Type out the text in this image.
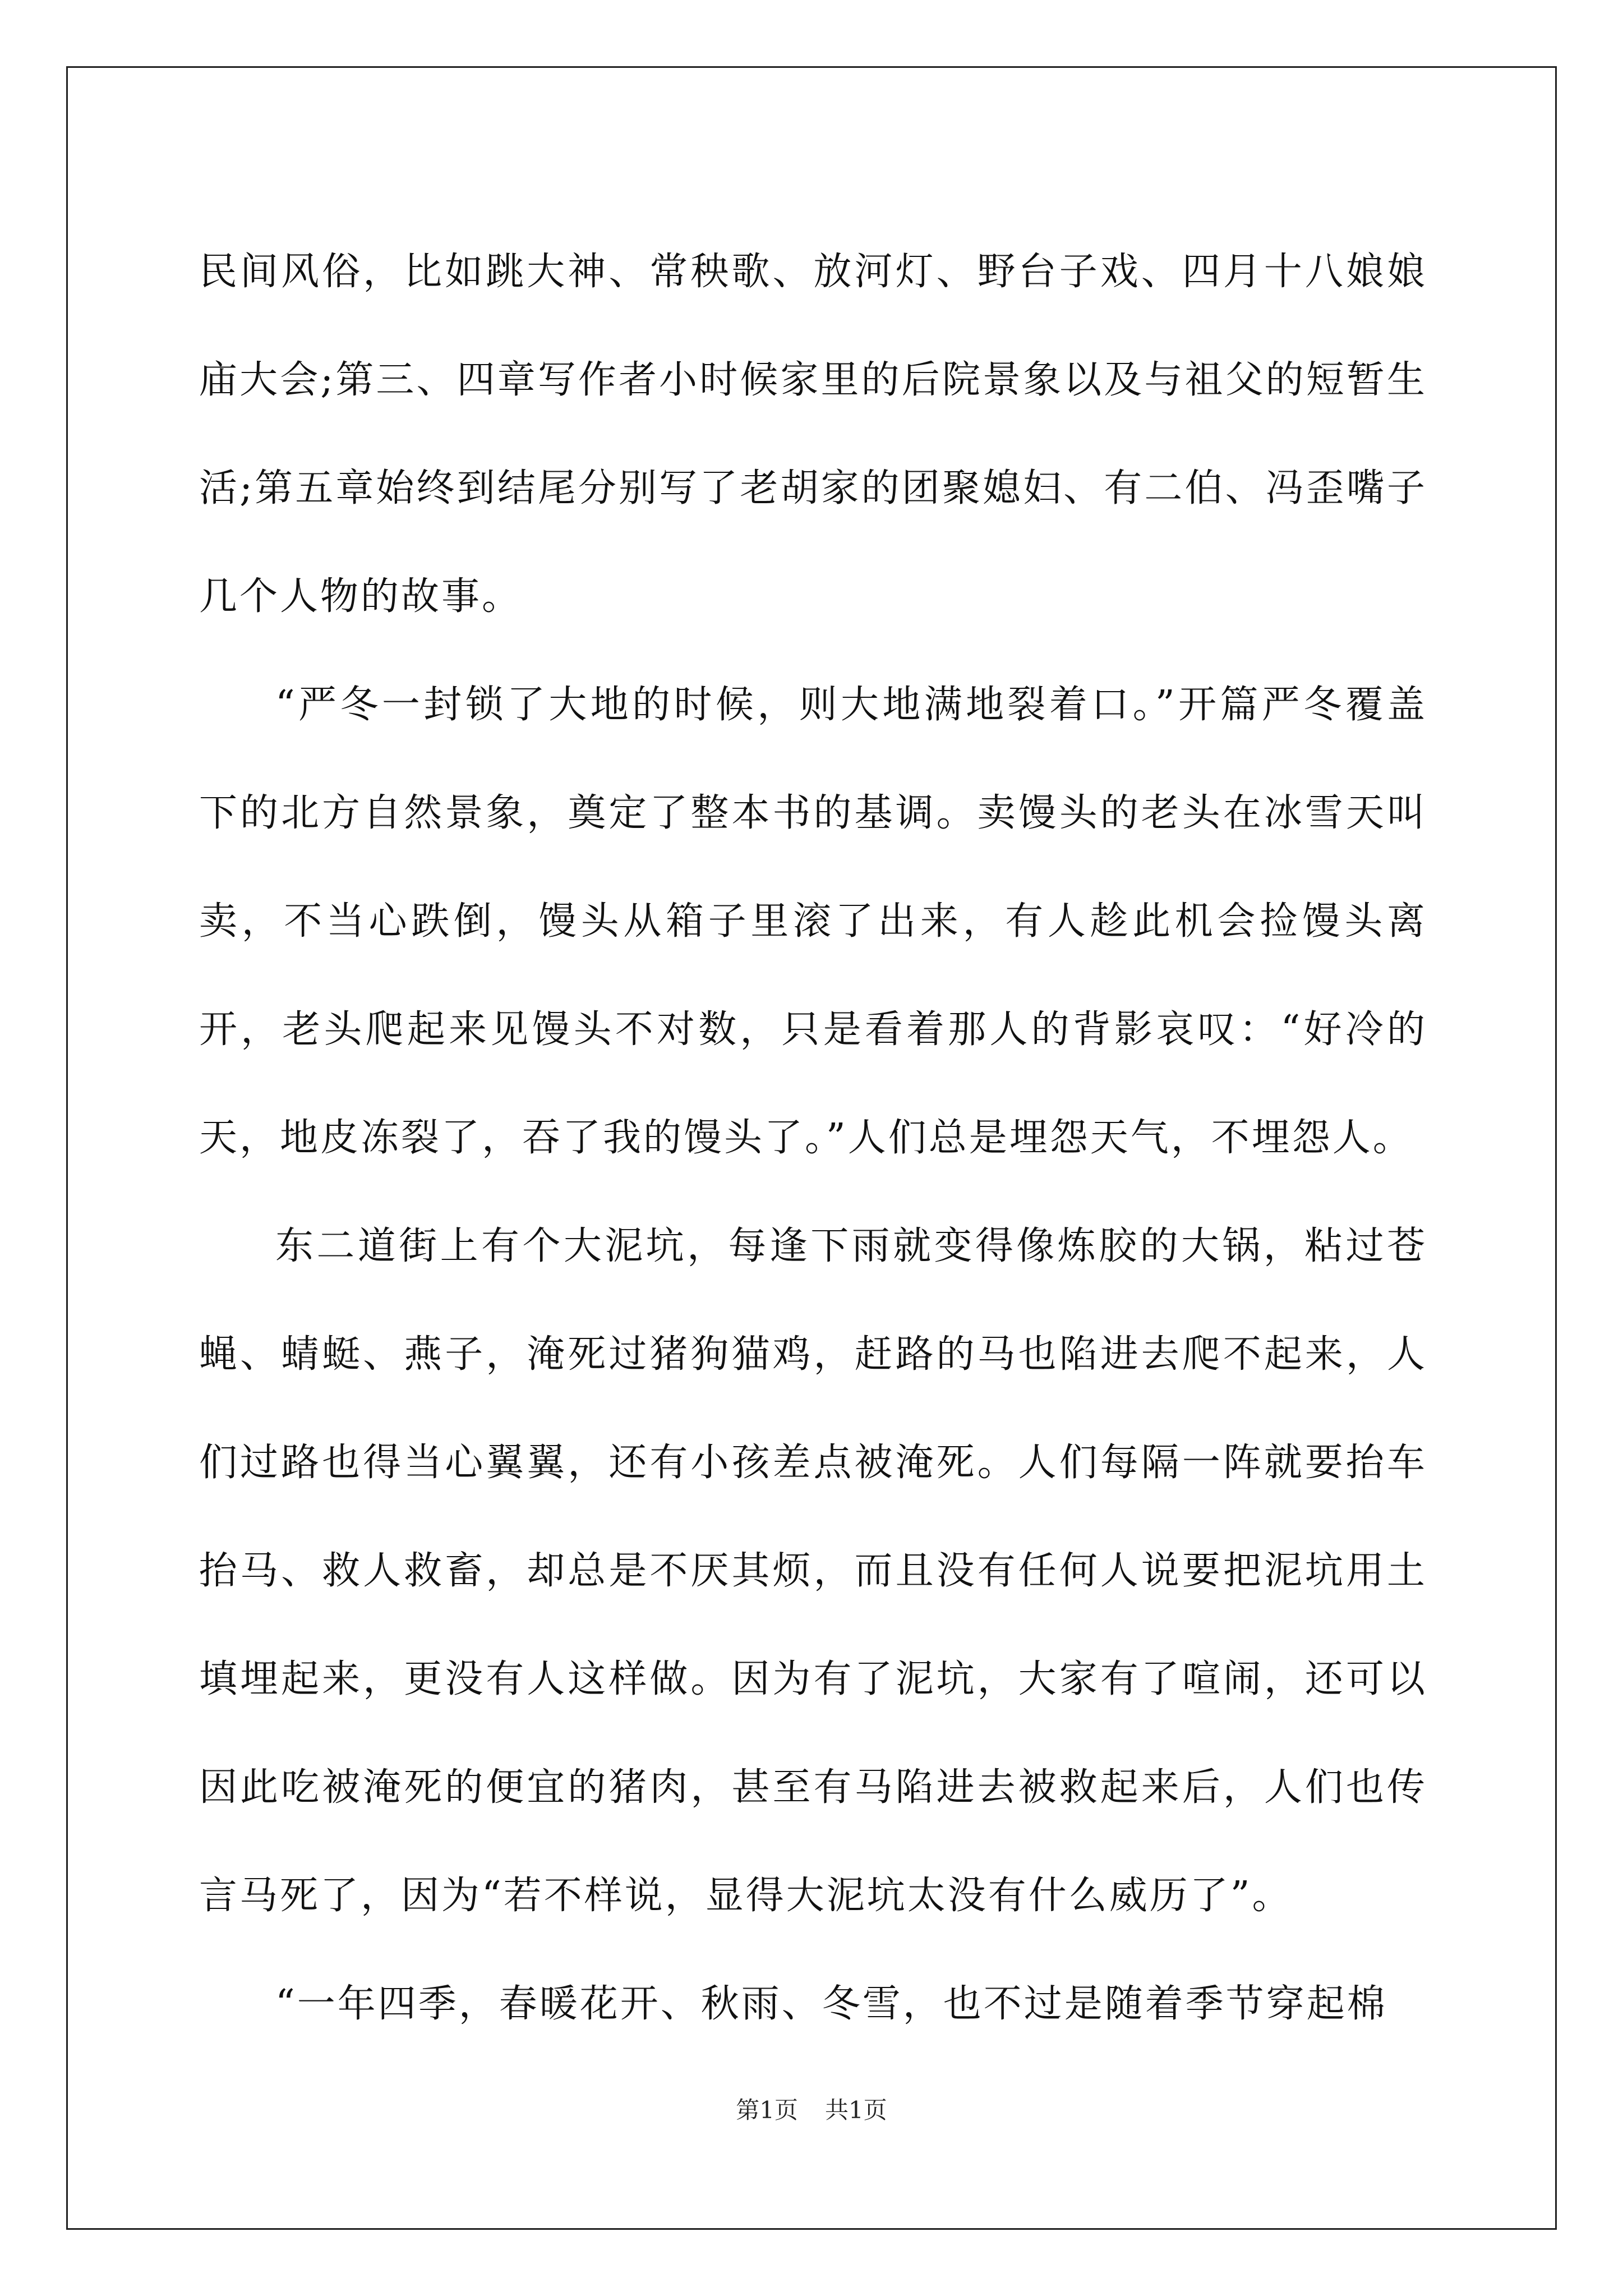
民间风俗，比如跳大神、常秧歌、放河灯、野台子戏、四月十八娘娘庙大会;第三、四章写作者小时候家里的后院景象以及与祖父的短暂生活;第五章始终到结尾分别写了老胡家的团聚媳妇、有二伯、冯歪嘴子几个人物的故事。

“严冬一封锁了大地的时候，则大地满地裂着口。”开篇严冬覆盖下的北方自然景象，奠定了整本书的基调。卖馒头的老头在冰雪天叫卖，不当心跌倒，馒头从箱子里滚了出来，有人趁此机会捡馒头离开，老头爬起来见馒头不对数，只是看着那人的背影哀叹：“好冷的天，地皮冻裂了，吞了我的馒头了。”人们总是埋怨天气，不埋怨人。

东二道街上有个大泥坑，每逢下雨就变得像炼胶的大锅，粘过苍蝇、蜻蜓、燕子，淹死过猪狗猫鸡，赶路的马也陷进去爬不起来，人们过路也得当心翼翼，还有小孩差点被淹死。人们每隔一阵就要抬车抬马、救人救畜，却总是不厌其烦，而且没有任何人说要把泥坑用土填埋起来，更没有人这样做。因为有了泥坑，大家有了喧闹，还可以因此吃被淹死的便宜的猪肉，甚至有马陷进去被救起来后，人们也传言马死了，因为“若不样说，显得大泥坑太没有什么威历了”。

“一年四季，春暖花开、秋雨、冬雪，也不过是随着季节穿起棉

第1页 共1页
